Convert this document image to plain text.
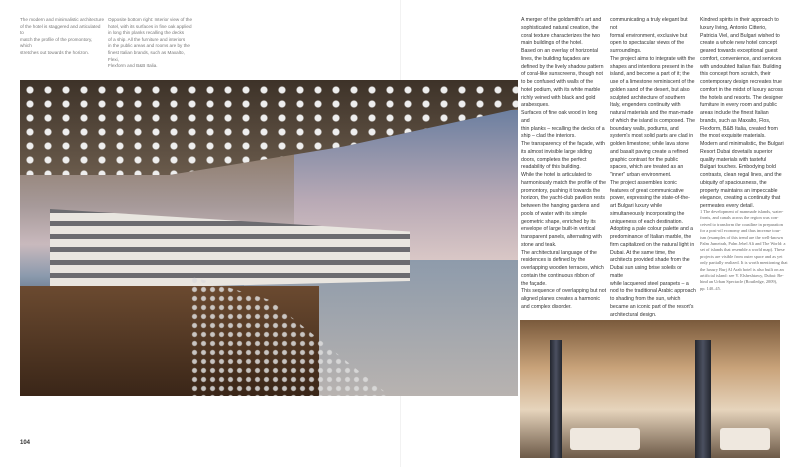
The modern and minimalistic architecture
of the hotel is staggered and articulated to
match the profile of the promontory, which
stretches out towards the horizon.
Opposite bottom right: Interior view of the
hotel, with its surfaces in fine oak applied
in long thin planks recalling the decks
of a ship. All the furniture and interiors
in the public areas and rooms are by the
finest Italian brands, such as Maxalto, Flexi,
Flexform and B&B Italia.
104
A merger of the goldsmith's art and
sophisticated natural creation, the
coral texture characterizes the two
main buildings of the hotel.
Based on an overlay of horizontal
lines, the building façades are
defined by the lively shadow pattern
of coral-like sunscreens, though not
to be confused with walls of the
hotel podium, with its white marble
richly veined with black and gold
arabesques.
Surfaces of fine oak wood in long and
thin planks – recalling the decks of a
ship – clad the interiors.
The transparency of the façade, with
its almost invisible large sliding
doors, completes the perfect
readability of this building.
While the hotel is articulated to
harmoniously match the profile of the
promontory, pushing it towards the
horizon, the yacht-club pavilion rests
between the hanging gardens and
pools of water with its simple
geometric shape, enriched by its
envelope of large built-in vertical
transparent panels, alternating with
stone and teak.
The architectural language of the
residences is defined by the
overlapping wooden terraces, which
contain the continuous ribbon of
the façade.
This sequence of overlapping but not
aligned planes creates a harmonic
and complex disorder.
communicating a truly elegant but not
formal environment, exclusive but
open to spectacular views of the
surroundings.
The project aims to integrate with the
shapes and intentions present in the
island, and become a part of it; the
use of a limestone reminiscent of the
golden sand of the desert, but also
sculpted architecture of southern
Italy, engenders continuity with
natural materials and the man-made
of which the island is composed. The
boundary walls, podiums, and
system's most solid parts are clad in
golden limestone; while lava stone
and basalt paving create a refined
graphic contrast for the public
spaces, which are treated as an
"inner" urban environment.
The project assembles iconic
features of great communicative
power, expressing the state-of-the-
art Bulgari luxury while
simultaneously incorporating the
uniqueness of each destination.
Adopting a pale colour palette and a
predominance of Italian marble, the
firm capitalized on the natural light in
Dubai. At the same time, the
architects provided shade from the
Dubai sun using brise soleils or matte
while lacquered steel parapets – a
nod to the traditional Arabic approach
to shading from the sun, which
became an iconic part of the resort's
architectural design.
Kindred spirits in their approach to
luxury living, Antonio Citterio,
Patricia Viel, and Bulgari wished to
create a whole new hotel concept
geared towards exceptional guest
comfort, convenience, and services
with undoubted Italian flair. Building
this concept from scratch, their
contemporary design recreates true
comfort in the midst of luxury across
the hotels and resorts. The designer
furniture in every room and public
areas include the finest Italian
brands, such as Maxalto, Flos,
Flexform, B&B Italia, created from
the most exquisite materials.
Modern and minimalistic, the Bulgari
Resort Dubai dovetails superior
quality materials with tasteful
Bulgari touches. Embodying bold
contrasts, clean regal lines, and the
ubiquity of spaciousness, the
property maintains an impeccable
elegance, creating a continuity that
permeates every detail.
1 The development of manmade islands, water-
fronts, and canals across the region was con-
ceived to transform the coastline in preparation
for a post-oil economy and thus increase tour-
ism (examples of this trend are the well-known
Palm Jumeirah, Palm Jebel Ali and The World: a
set of islands that resemble a world map). These
projects are visible from outer space and as yet
only partially realized. It is worth mentioning that
the luxury Burj Al Arab hotel is also built on an
artificial island: see Y. Elsheshtawy, Dubai: Be-
hind an Urban Spectacle (Routledge, 2009),
pp. 140–45.
